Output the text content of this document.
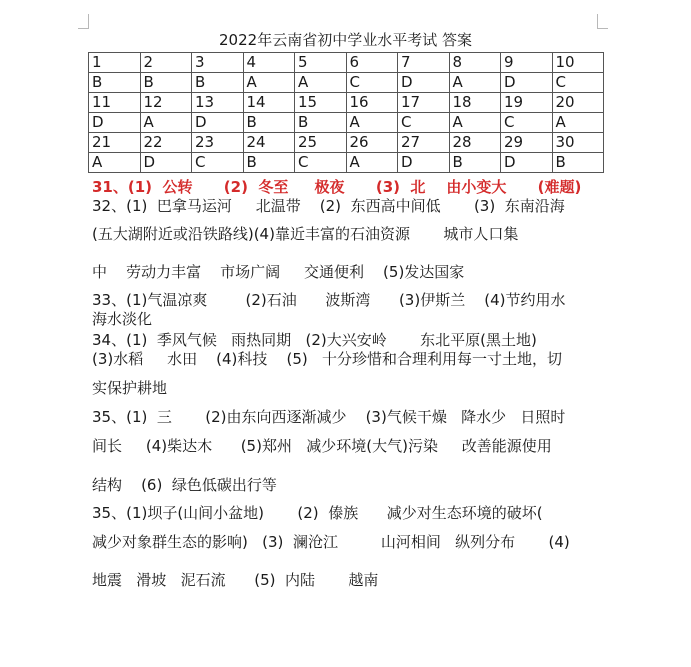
2022年云南省初中学业水平考试 答案
1	2	3	4	5	6	7	8	9	10
B	B	B	A	A	C	D	A	D	C
11	12	13	14	15	16	17	18	19	20
D	A	D	B	B	A	C	A	C	A
21	22	23	24	25	26	27	28	29	30
A	D	C	B	C	A	D	B	D	B
31、(1)  公转      (2)  冬至     极夜      (3)  北    由小变大      (难题)
32、(1)  巴拿马运河     北温带    (2)  东西高中间低       (3)  东南沿海
(五大湖附近或沿铁路线)(4)靠近丰富的石油资源       城市人口集
中    劳动力丰富    市场广阔     交通便利    (5)发达国家
33、(1)气温凉爽        (2)石油      波斯湾      (3)伊斯兰    (4)节约用水
海水淡化
34、(1)  季风气候   雨热同期   (2)大兴安岭       东北平原(黑土地)
(3)水稻     水田    (4)科技    (5)   十分珍惜和合理利用每一寸土地，切
实保护耕地
35、(1)  三       (2)由东向西逐渐减少    (3)气候干燥   降水少   日照时
间长     (4)柴达木      (5)郑州   减少环境(大气)污染     改善能源使用
结构    (6)  绿色低碳出行等
35、(1)坝子(山间小盆地)       (2)  傣族      减少对生态环境的破坏(
减少对象群生态的影响)   (3)  澜沧江         山河相间   纵列分布       (4)
地震   滑坡   泥石流      (5)  内陆       越南
